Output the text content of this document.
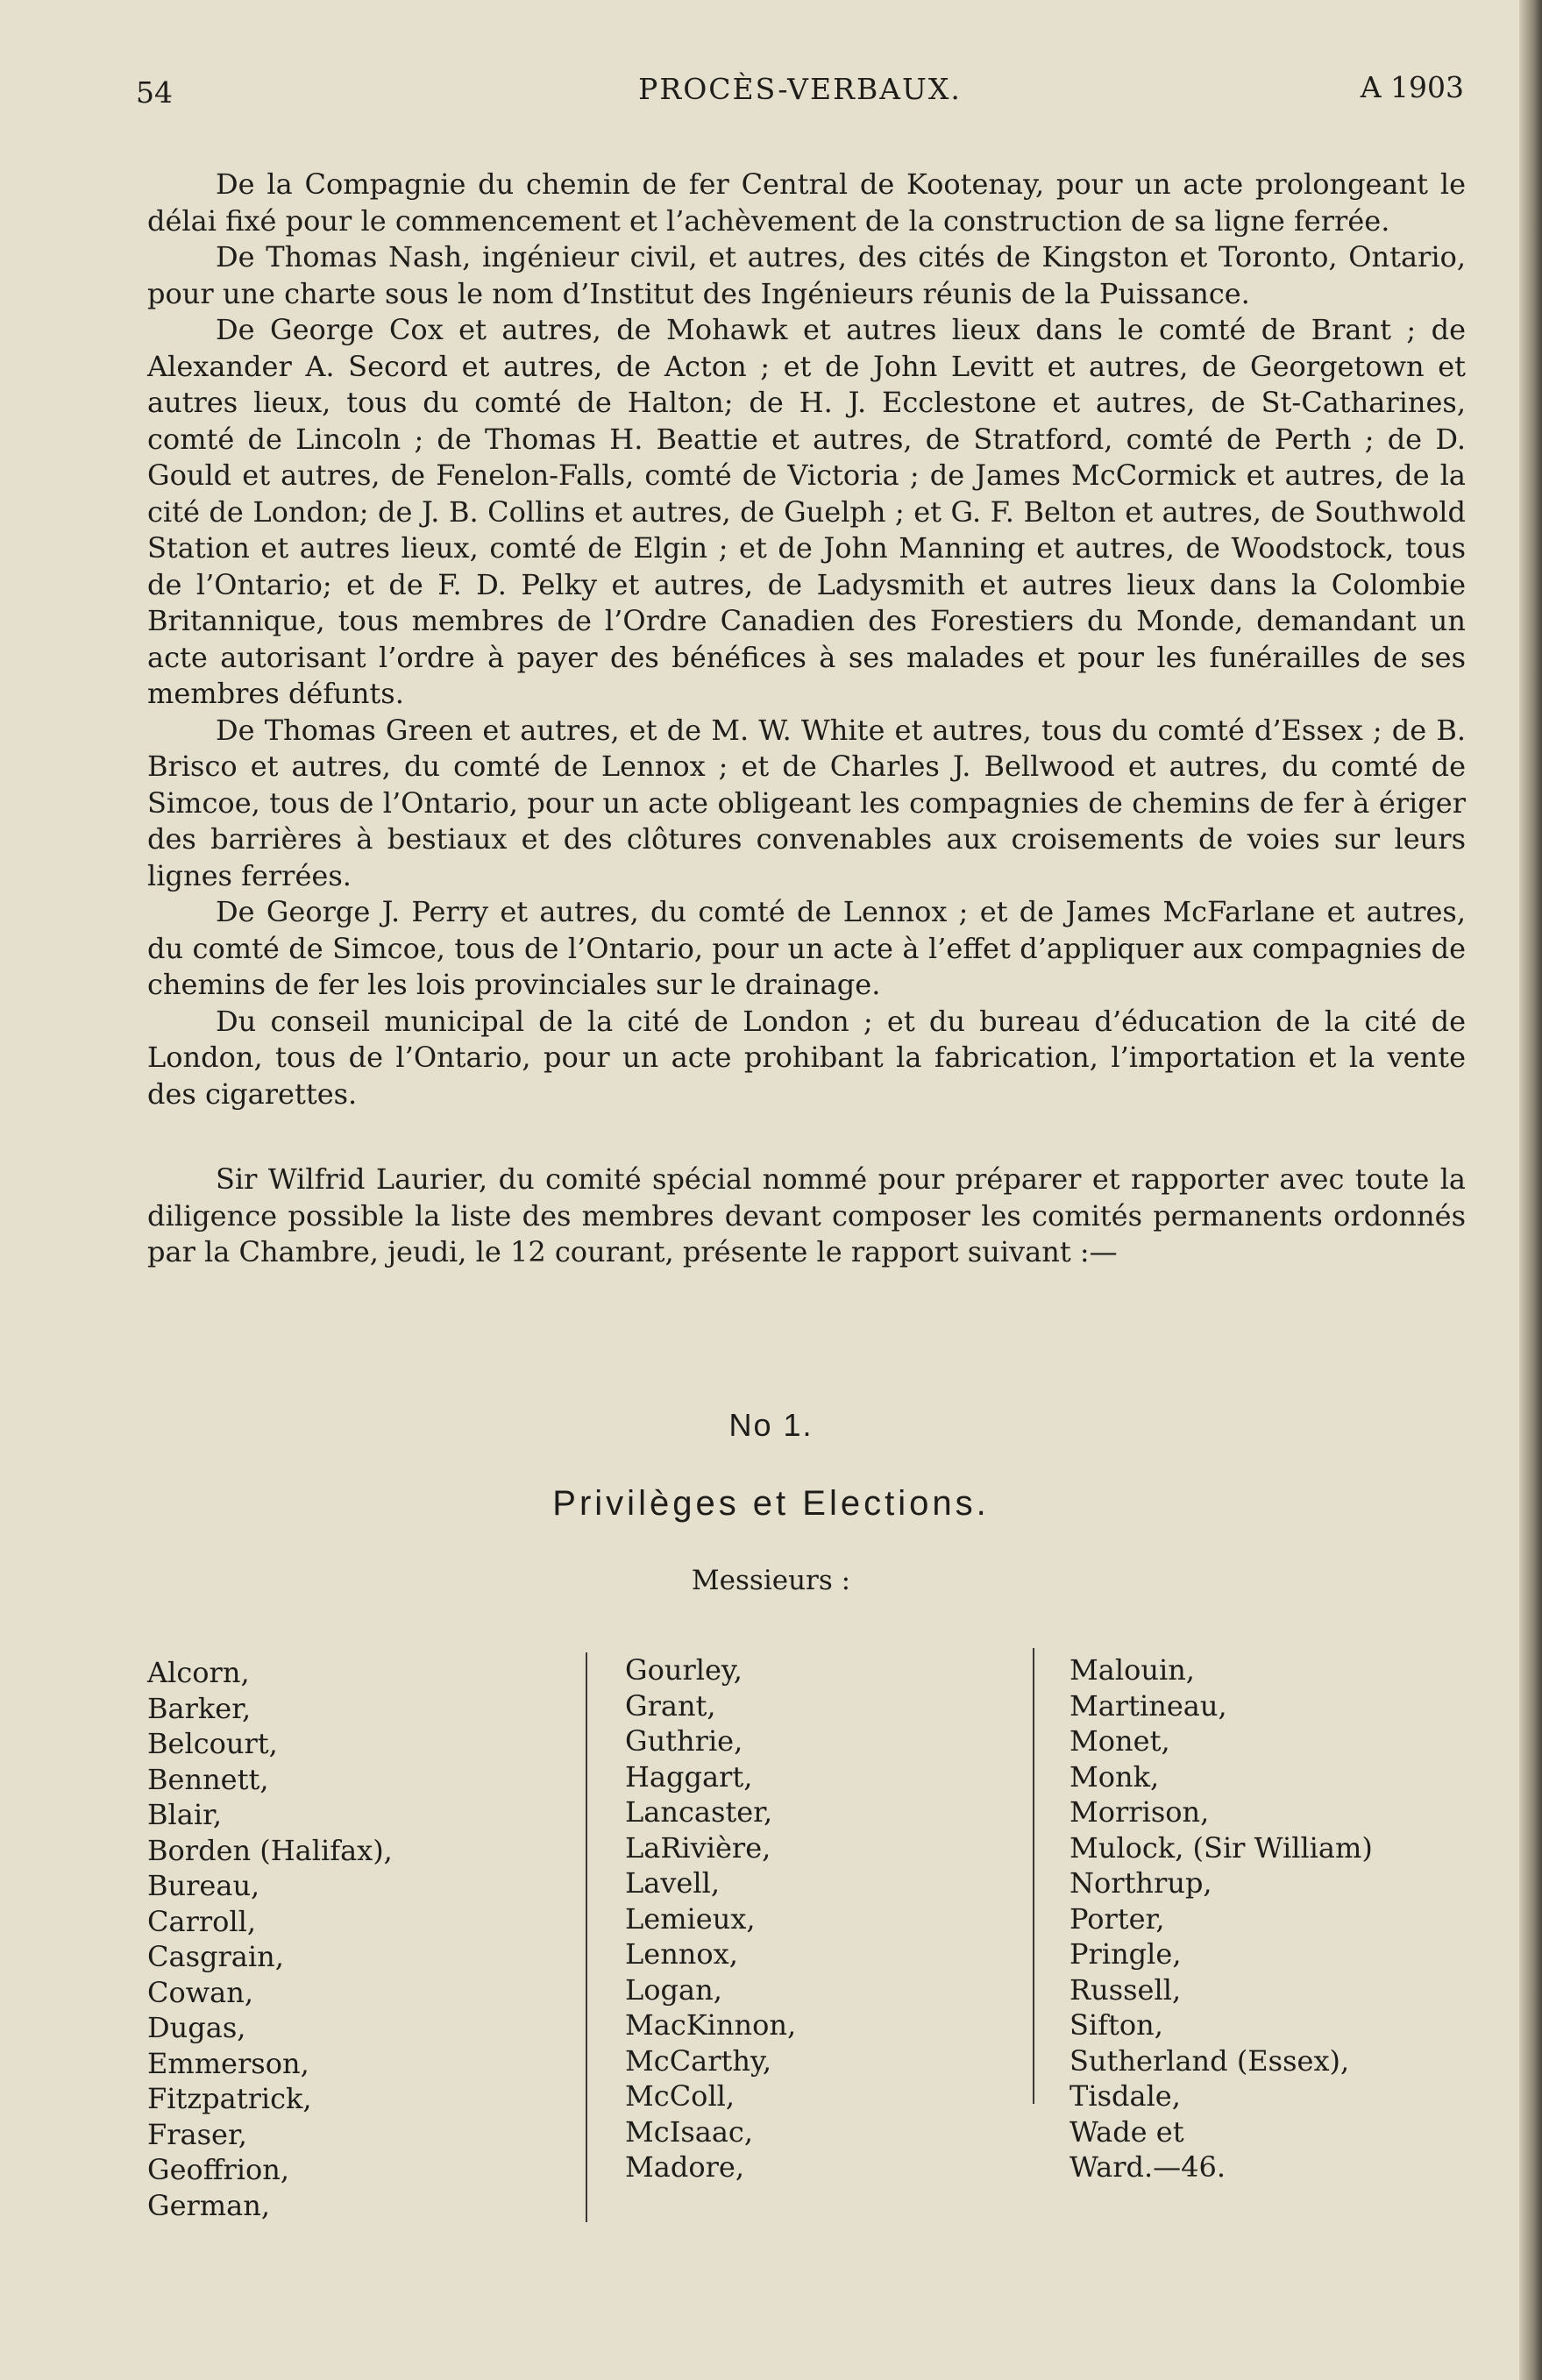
54	PROCÈS-VERBAUX.	A 1903

De la Compagnie du chemin de fer Central de Kootenay, pour un acte prolongeant le délai fixé pour le commencement et l’achèvement de la construction de sa ligne ferrée.

De Thomas Nash, ingénieur civil, et autres, des cités de Kingston et Toronto, Ontario, pour une charte sous le nom d’Institut des Ingénieurs réunis de la Puissance.

De George Cox et autres, de Mohawk et autres lieux dans le comté de Brant ; de Alexander A. Secord et autres, de Acton ; et de John Levitt et autres, de Georgetown et autres lieux, tous du comté de Halton; de H. J. Ecclestone et autres, de St-Catharines, comté de Lincoln ; de Thomas H. Beattie et autres, de Stratford, comté de Perth ; de D. Gould et autres, de Fenelon-Falls, comté de Victoria ; de James McCormick et autres, de la cité de London; de J. B. Collins et autres, de Guelph ; et G. F. Belton et autres, de Southwold Station et autres lieux, comté de Elgin ; et de John Manning et autres, de Woodstock, tous de l’Ontario; et de F. D. Pelky et autres, de Ladysmith et autres lieux dans la Colombie Britannique, tous membres de l’Ordre Canadien des Forestiers du Monde, demandant un acte autorisant l’ordre à payer des bénéfices à ses malades et pour les funérailles de ses membres défunts.

De Thomas Green et autres, et de M. W. White et autres, tous du comté d’Essex ; de B. Brisco et autres, du comté de Lennox ; et de Charles J. Bellwood et autres, du comté de Simcoe, tous de l’Ontario, pour un acte obligeant les compagnies de chemins de fer à ériger des barrières à bestiaux et des clôtures convenables aux croisements de voies sur leurs lignes ferrées.

De George J. Perry et autres, du comté de Lennox ; et de James McFarlane et autres, du comté de Simcoe, tous de l’Ontario, pour un acte à l’effet d’appliquer aux compagnies de chemins de fer les lois provinciales sur le drainage.

Du conseil municipal de la cité de London ; et du bureau d’éducation de la cité de London, tous de l’Ontario, pour un acte prohibant la fabrication, l’importation et la vente des cigarettes.

Sir Wilfrid Laurier, du comité spécial nommé pour préparer et rapporter avec toute la diligence possible la liste des membres devant composer les comités permanents ordonnés par la Chambre, jeudi, le 12 courant, présente le rapport suivant :—

No 1.
Privilèges et Elections.
Messieurs :
Alcorn,
Barker,
Belcourt,
Bennett,
Blair,
Borden (Halifax),
Bureau,
Carroll,
Casgrain,
Cowan,
Dugas,
Emmerson,
Fitzpatrick,
Fraser,
Geoffrion,
German,
Gourley,
Grant,
Guthrie,
Haggart,
Lancaster,
LaRivière,
Lavell,
Lemieux,
Lennox,
Logan,
MacKinnon,
McCarthy,
McColl,
McIsaac,
Madore,
Malouin,
Martineau,
Monet,
Monk,
Morrison,
Mulock, (Sir William)
Northrup,
Porter,
Pringle,
Russell,
Sifton,
Sutherland (Essex),
Tisdale,
Wade et
Ward.—46.
